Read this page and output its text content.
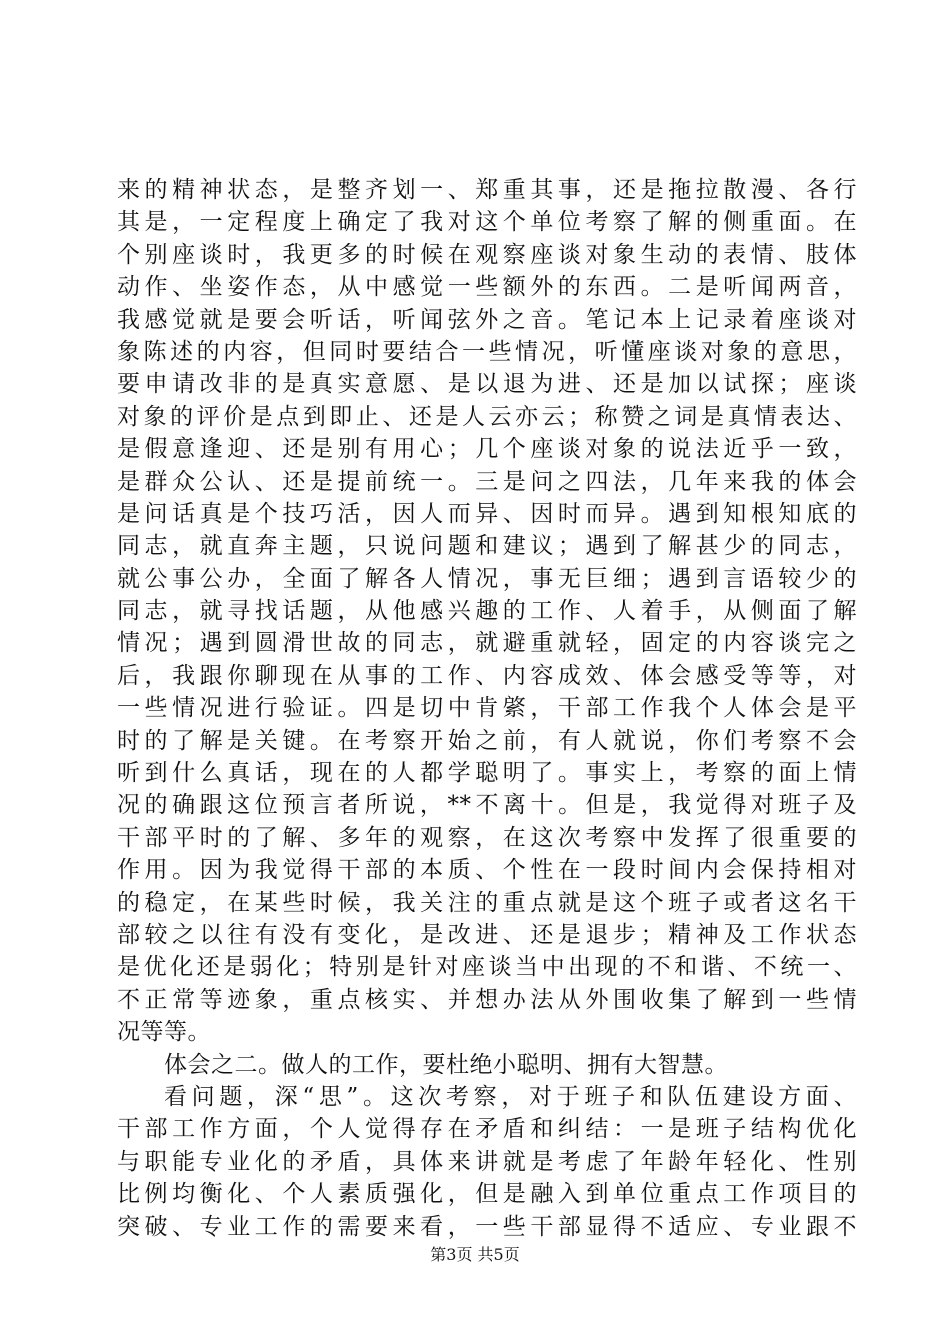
来的精神状态，是整齐划一、郑重其事，还是拖拉散漫、各行
其是，一定程度上确定了我对这个单位考察了解的侧重面。在
个别座谈时，我更多的时候在观察座谈对象生动的表情、肢体
动作、坐姿作态，从中感觉一些额外的东西。二是听闻两音，
我感觉就是要会听话，听闻弦外之音。笔记本上记录着座谈对
象陈述的内容，但同时要结合一些情况，听懂座谈对象的意思，
要申请改非的是真实意愿、是以退为进、还是加以试探；座谈
对象的评价是点到即止、还是人云亦云；称赞之词是真情表达、
是假意逢迎、还是别有用心；几个座谈对象的说法近乎一致，
是群众公认、还是提前统一。三是问之四法，几年来我的体会
是问话真是个技巧活，因人而异、因时而异。遇到知根知底的
同志，就直奔主题，只说问题和建议；遇到了解甚少的同志，
就公事公办，全面了解各人情况，事无巨细；遇到言语较少的
同志，就寻找话题，从他感兴趣的工作、人着手，从侧面了解
情况；遇到圆滑世故的同志，就避重就轻，固定的内容谈完之
后，我跟你聊现在从事的工作、内容成效、体会感受等等，对
一些情况进行验证。四是切中肯綮，干部工作我个人体会是平
时的了解是关键。在考察开始之前，有人就说，你们考察不会
听到什么真话，现在的人都学聪明了。事实上，考察的面上情
况的确跟这位预言者所说，**不离十。但是，我觉得对班子及
干部平时的了解、多年的观察，在这次考察中发挥了很重要的
作用。因为我觉得干部的本质、个性在一段时间内会保持相对
的稳定，在某些时候，我关注的重点就是这个班子或者这名干
部较之以往有没有变化，是改进、还是退步；精神及工作状态
是优化还是弱化；特别是针对座谈当中出现的不和谐、不统一、
不正常等迹象，重点核实、并想办法从外围收集了解到一些情
况等等。
体会之二。做人的工作，要杜绝小聪明、拥有大智慧。
看问题，深“思”。这次考察，对于班子和队伍建设方面、
干部工作方面，个人觉得存在矛盾和纠结：一是班子结构优化
与职能专业化的矛盾，具体来讲就是考虑了年龄年轻化、性别
比例均衡化、个人素质强化，但是融入到单位重点工作项目的
突破、专业工作的需要来看，一些干部显得不适应、专业跟不
第3页 共5页
